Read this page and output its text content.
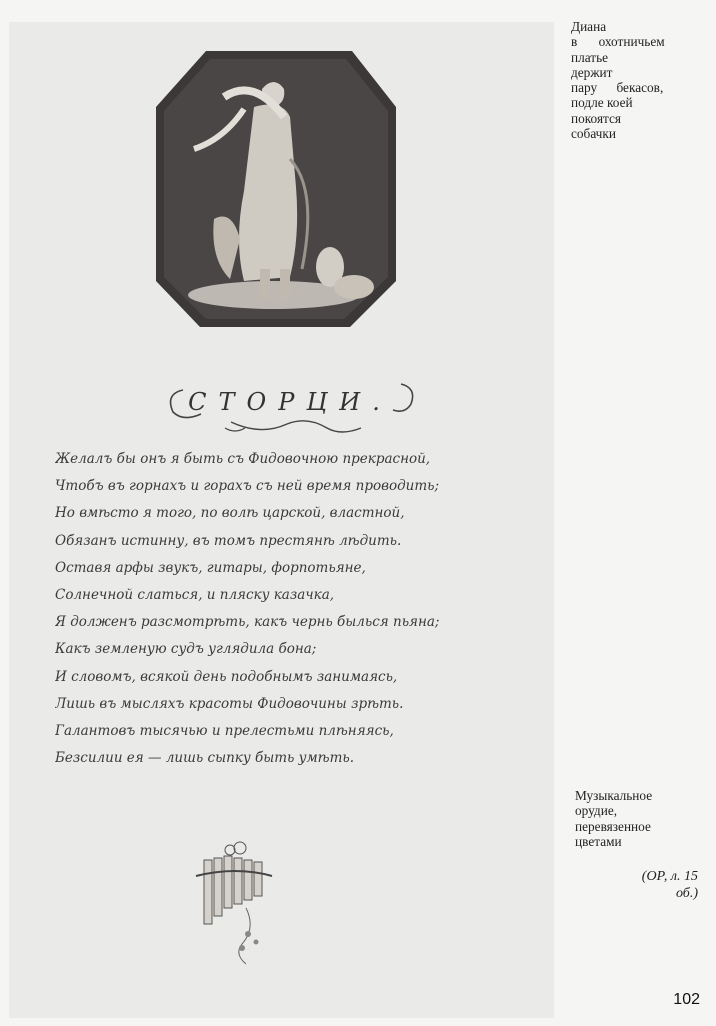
СТОРЦИ.
Желалъ бы онъ я быть съ Фидовочною прекрасной,
Чтобъ въ горнахъ и горахъ съ ней время проводить;
Но вмѣсто я того, по волѣ царской, властной,
Обязанъ истинну, въ томъ престянѣ лѣдить.
Оставя арфы звукъ, гитары, форпотьяне,
Солнечной слаться, и пляску казачка,
Я долженъ разсмотрѣть, какъ чернь былься пьяна;
Какъ земленую судъ углядила бона;
И словомъ, всякой день подобнымъ занимаясь,
Лишь въ мысляхъ красоты Фидовочины зрѣть.
Галантовъ тысячью и прелестьми плѣняясь,
Безсилии ея — лишь сыпку быть умѣть.
Диана
в охотничьем
платье
держит
пару бекасов,
подле коей
покоятся
собачки
Музыкальное
орудие,
перевязенное
цветами
(ОР, л. 15
об.)
102
